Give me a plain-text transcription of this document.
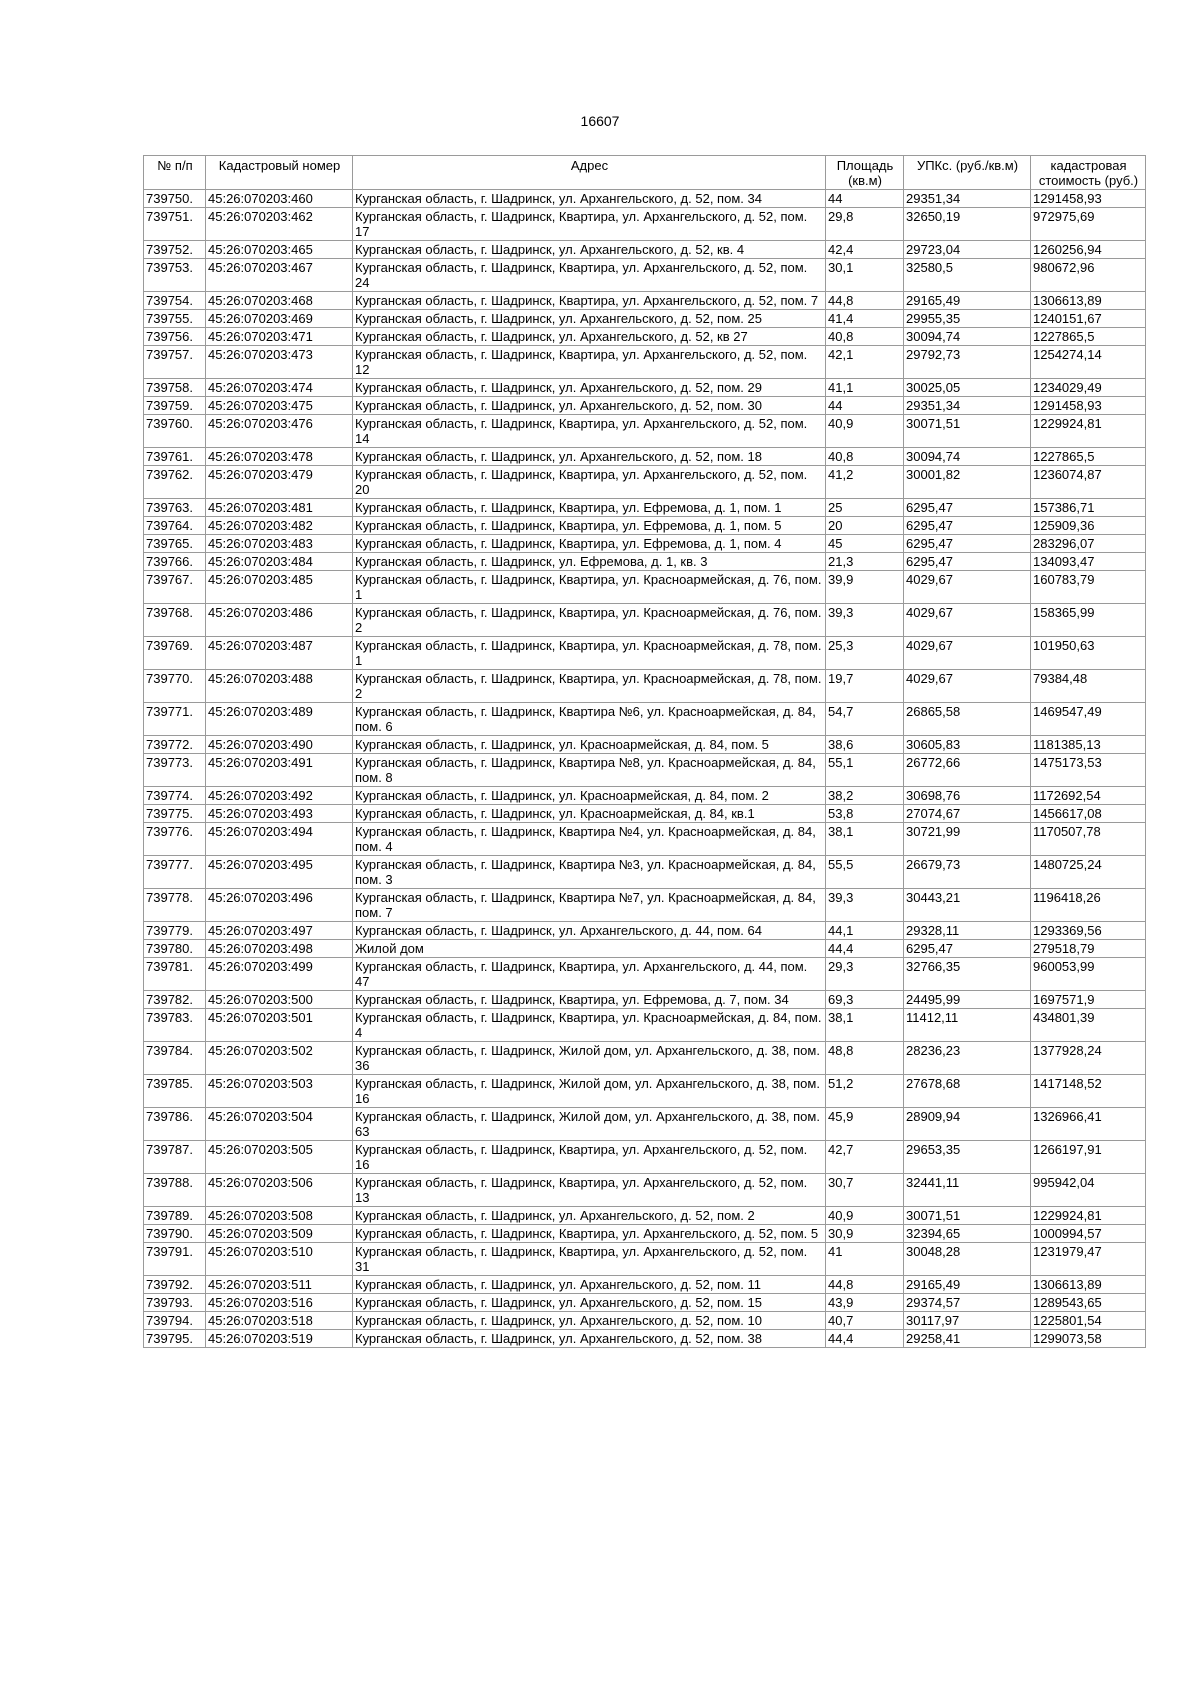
16607
№ п/п	Кадастровый номер	Адрес	Площадь (кв.м)	УПКс. (руб./кв.м)	кадастровая стоимость (руб.)
739750.	45:26:070203:460	Курганская область, г. Шадринск, ул. Архангельского, д. 52, пом. 34	44	29351,34	1291458,93
739751.	45:26:070203:462	Курганская область, г. Шадринск, Квартира, ул. Архангельского, д. 52, пом. 17	29,8	32650,19	972975,69
739752.	45:26:070203:465	Курганская область, г. Шадринск, ул. Архангельского, д. 52, кв. 4	42,4	29723,04	1260256,94
739753.	45:26:070203:467	Курганская область, г. Шадринск, Квартира, ул. Архангельского, д. 52, пом. 24	30,1	32580,5	980672,96
739754.	45:26:070203:468	Курганская область, г. Шадринск, Квартира, ул. Архангельского, д. 52, пом. 7	44,8	29165,49	1306613,89
739755.	45:26:070203:469	Курганская область, г. Шадринск, ул. Архангельского, д. 52, пом. 25	41,4	29955,35	1240151,67
739756.	45:26:070203:471	Курганская область, г. Шадринск, ул. Архангельского, д. 52, кв 27	40,8	30094,74	1227865,5
739757.	45:26:070203:473	Курганская область, г. Шадринск, Квартира, ул. Архангельского, д. 52, пом. 12	42,1	29792,73	1254274,14
739758.	45:26:070203:474	Курганская область, г. Шадринск, ул. Архангельского, д. 52, пом. 29	41,1	30025,05	1234029,49
739759.	45:26:070203:475	Курганская область, г. Шадринск, ул. Архангельского, д. 52, пом. 30	44	29351,34	1291458,93
739760.	45:26:070203:476	Курганская область, г. Шадринск, Квартира, ул. Архангельского, д. 52, пом. 14	40,9	30071,51	1229924,81
739761.	45:26:070203:478	Курганская область, г. Шадринск, ул. Архангельского, д. 52, пом. 18	40,8	30094,74	1227865,5
739762.	45:26:070203:479	Курганская область, г. Шадринск, Квартира, ул. Архангельского, д. 52, пом. 20	41,2	30001,82	1236074,87
739763.	45:26:070203:481	Курганская область, г. Шадринск, Квартира, ул. Ефремова, д. 1, пом. 1	25	6295,47	157386,71
739764.	45:26:070203:482	Курганская область, г. Шадринск, Квартира, ул. Ефремова, д. 1, пом. 5	20	6295,47	125909,36
739765.	45:26:070203:483	Курганская область, г. Шадринск, Квартира, ул. Ефремова, д. 1, пом. 4	45	6295,47	283296,07
739766.	45:26:070203:484	Курганская область, г. Шадринск, ул. Ефремова, д. 1, кв. 3	21,3	6295,47	134093,47
739767.	45:26:070203:485	Курганская область, г. Шадринск, Квартира, ул. Красноармейская, д. 76, пом. 1	39,9	4029,67	160783,79
739768.	45:26:070203:486	Курганская область, г. Шадринск, Квартира, ул. Красноармейская, д. 76, пом. 2	39,3	4029,67	158365,99
739769.	45:26:070203:487	Курганская область, г. Шадринск, Квартира, ул. Красноармейская, д. 78, пом. 1	25,3	4029,67	101950,63
739770.	45:26:070203:488	Курганская область, г. Шадринск, Квартира, ул. Красноармейская, д. 78, пом. 2	19,7	4029,67	79384,48
739771.	45:26:070203:489	Курганская область, г. Шадринск, Квартира №6, ул. Красноармейская, д. 84, пом. 6	54,7	26865,58	1469547,49
739772.	45:26:070203:490	Курганская область, г. Шадринск, ул. Красноармейская, д. 84, пом. 5	38,6	30605,83	1181385,13
739773.	45:26:070203:491	Курганская область, г. Шадринск, Квартира №8, ул. Красноармейская, д. 84, пом. 8	55,1	26772,66	1475173,53
739774.	45:26:070203:492	Курганская область, г. Шадринск, ул. Красноармейская, д. 84, пом. 2	38,2	30698,76	1172692,54
739775.	45:26:070203:493	Курганская область, г. Шадринск, ул. Красноармейская, д. 84, кв.1	53,8	27074,67	1456617,08
739776.	45:26:070203:494	Курганская область, г. Шадринск, Квартира №4, ул. Красноармейская, д. 84, пом. 4	38,1	30721,99	1170507,78
739777.	45:26:070203:495	Курганская область, г. Шадринск, Квартира №3, ул. Красноармейская, д. 84, пом. 3	55,5	26679,73	1480725,24
739778.	45:26:070203:496	Курганская область, г. Шадринск, Квартира №7, ул. Красноармейская, д. 84, пом. 7	39,3	30443,21	1196418,26
739779.	45:26:070203:497	Курганская область, г. Шадринск, ул. Архангельского, д. 44, пом. 64	44,1	29328,11	1293369,56
739780.	45:26:070203:498	Жилой дом	44,4	6295,47	279518,79
739781.	45:26:070203:499	Курганская область, г. Шадринск, Квартира, ул. Архангельского, д. 44, пом. 47	29,3	32766,35	960053,99
739782.	45:26:070203:500	Курганская область, г. Шадринск, Квартира, ул. Ефремова, д. 7, пом. 34	69,3	24495,99	1697571,9
739783.	45:26:070203:501	Курганская область, г. Шадринск, Квартира, ул. Красноармейская, д. 84, пом. 4	38,1	11412,11	434801,39
739784.	45:26:070203:502	Курганская область, г. Шадринск, Жилой дом, ул. Архангельского, д. 38, пом. 36	48,8	28236,23	1377928,24
739785.	45:26:070203:503	Курганская область, г. Шадринск, Жилой дом, ул. Архангельского, д. 38, пом. 16	51,2	27678,68	1417148,52
739786.	45:26:070203:504	Курганская область, г. Шадринск, Жилой дом, ул. Архангельского, д. 38, пом. 63	45,9	28909,94	1326966,41
739787.	45:26:070203:505	Курганская область, г. Шадринск, Квартира, ул. Архангельского, д. 52, пом. 16	42,7	29653,35	1266197,91
739788.	45:26:070203:506	Курганская область, г. Шадринск, Квартира, ул. Архангельского, д. 52, пом. 13	30,7	32441,11	995942,04
739789.	45:26:070203:508	Курганская область, г. Шадринск, ул. Архангельского, д. 52, пом. 2	40,9	30071,51	1229924,81
739790.	45:26:070203:509	Курганская область, г. Шадринск, Квартира, ул. Архангельского, д. 52, пом. 5	30,9	32394,65	1000994,57
739791.	45:26:070203:510	Курганская область, г. Шадринск, Квартира, ул. Архангельского, д. 52, пом. 31	41	30048,28	1231979,47
739792.	45:26:070203:511	Курганская область, г. Шадринск, ул. Архангельского, д. 52, пом. 11	44,8	29165,49	1306613,89
739793.	45:26:070203:516	Курганская область, г. Шадринск, ул. Архангельского, д. 52, пом. 15	43,9	29374,57	1289543,65
739794.	45:26:070203:518	Курганская область, г. Шадринск, ул. Архангельского, д. 52, пом. 10	40,7	30117,97	1225801,54
739795.	45:26:070203:519	Курганская область, г. Шадринск, ул. Архангельского, д. 52, пом. 38	44,4	29258,41	1299073,58
